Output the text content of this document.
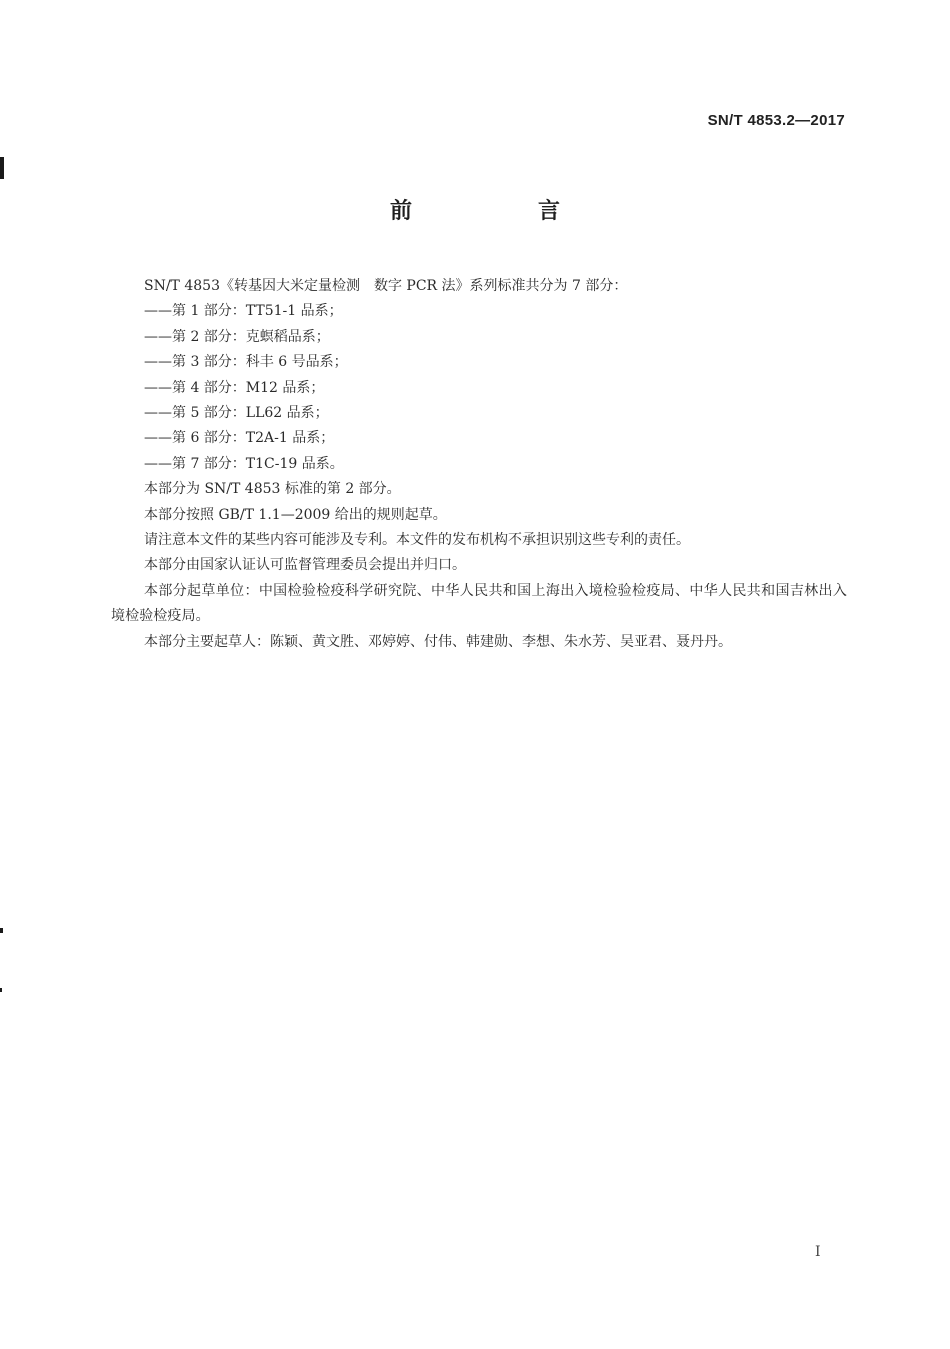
SN/T 4853.2—2017
前　言

SN/T 4853《转基因大米定量检测　数字 PCR 法》系列标准共分为 7 部分：

——第 1 部分：TT51-1 品系；

——第 2 部分：克螟稻品系；

——第 3 部分：科丰 6 号品系；

——第 4 部分：M12 品系；

——第 5 部分：LL62 品系；

——第 6 部分：T2A-1 品系；

——第 7 部分：T1C-19 品系。

本部分为 SN/T 4853 标准的第 2 部分。

本部分按照 GB/T 1.1—2009 给出的规则起草。

请注意本文件的某些内容可能涉及专利。本文件的发布机构不承担识别这些专利的责任。

本部分由国家认证认可监督管理委员会提出并归口。

本部分起草单位：中国检验检疫科学研究院、中华人民共和国上海出入境检验检疫局、中华人民共和国吉林出入境检验检疫局。

本部分主要起草人：陈颖、黄文胜、邓婷婷、付伟、韩建勋、李想、朱水芳、吴亚君、聂丹丹。

I
